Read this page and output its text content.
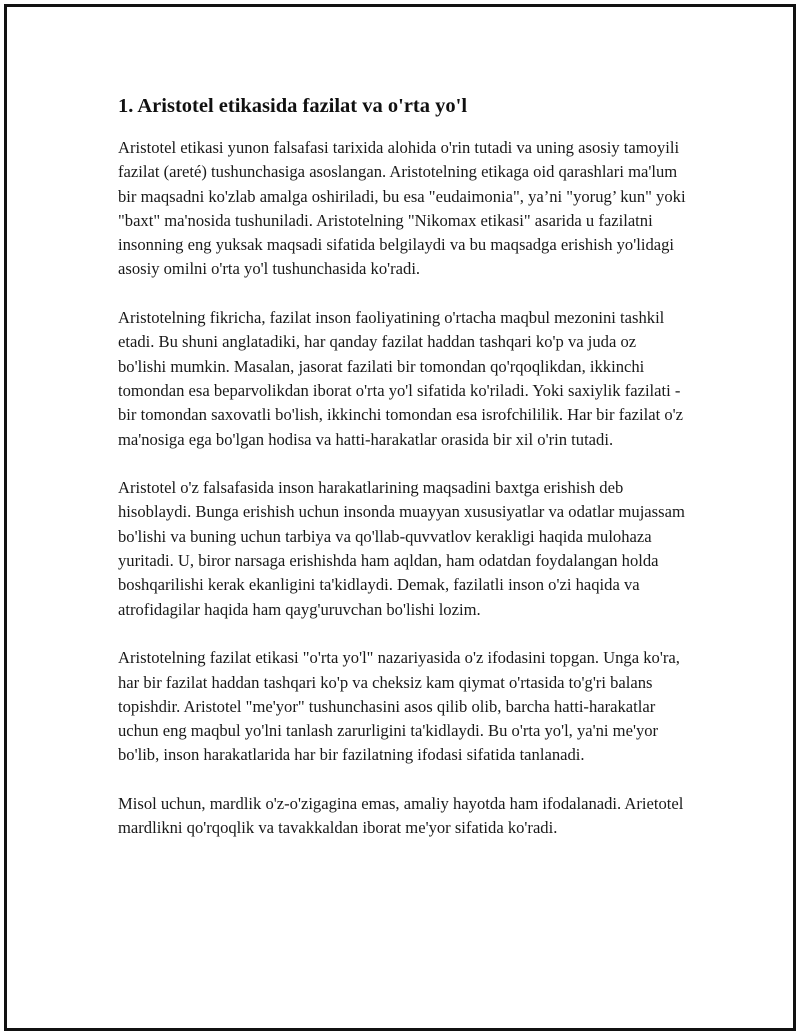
1. Aristotel etikasida fazilat va o'rta yo'l

Aristotel etikasi yunon falsafasi tarixida alohida o'rin tutadi va uning asosiy tamoyili fazilat (areté) tushunchasiga asoslangan. Aristotelning etikaga oid qarashlari ma'lum bir maqsadni ko'zlab amalga oshiriladi, bu esa "eudaimonia", ya’ni "yorug’ kun" yoki "baxt" ma'nosida tushuniladi. Aristotelning "Nikomax etikasi" asarida u fazilatni insonning eng yuksak maqsadi sifatida belgilaydi va bu maqsadga erishish yo'lidagi asosiy omilni o'rta yo'l tushunchasida ko'radi.

Aristotelning fikricha, fazilat inson faoliyatining o'rtacha maqbul mezonini tashkil etadi. Bu shuni anglatadiki, har qanday fazilat haddan tashqari ko'p va juda oz bo'lishi mumkin. Masalan, jasorat fazilati bir tomondan qo'rqoqlikdan, ikkinchi tomondan esa beparvolikdan iborat o'rta yo'l sifatida ko'riladi. Yoki saxiylik fazilati - bir tomondan saxovatli bo'lish, ikkinchi tomondan esa isrofchililik. Har bir fazilat o'z ma'nosiga ega bo'lgan hodisa va hatti-harakatlar orasida bir xil o'rin tutadi.

Aristotel o'z falsafasida inson harakatlarining maqsadini baxtga erishish deb hisoblaydi. Bunga erishish uchun insonda muayyan xususiyatlar va odatlar mujassam bo'lishi va buning uchun tarbiya va qo'llab-quvvatlov kerakligi haqida mulohaza yuritadi. U, biror narsaga erishishda ham aqldan, ham odatdan foydalangan holda boshqarilishi kerak ekanligini ta'kidlaydi. Demak, fazilatli inson o'zi haqida va atrofidagilar haqida ham qayg'uruvchan bo'lishi lozim.

Aristotelning fazilat etikasi "o'rta yo'l" nazariyasida o'z ifodasini topgan. Unga ko'ra, har bir fazilat haddan tashqari ko'p va cheksiz kam qiymat o'rtasida to'g'ri balans topishdir. Aristotel "me'yor" tushunchasini asos qilib olib, barcha hatti-harakatlar uchun eng maqbul yo'lni tanlash zarurligini ta'kidlaydi. Bu o'rta yo'l, ya'ni me'yor bo'lib, inson harakatlarida har bir fazilatning ifodasi sifatida tanlanadi.

Misol uchun, mardlik o'z-o'zigagina emas, amaliy hayotda ham ifodalanadi. Arietotel mardlikni qo'rqoqlik va tavakkaldan iborat me'yor sifatida ko'radi.
